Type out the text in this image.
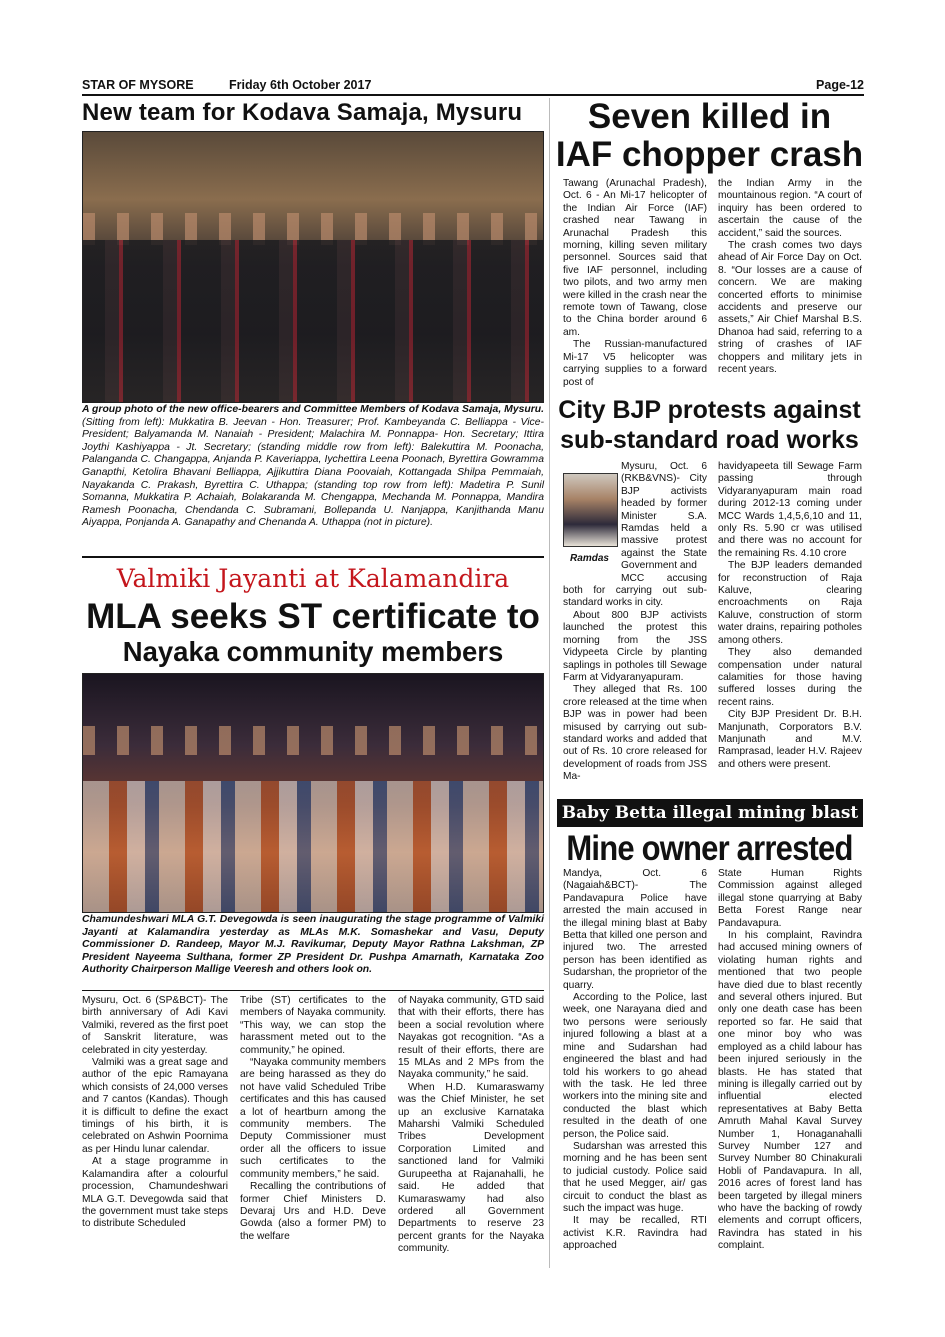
STAR OF MYSORE	Friday 6th October 2017	Page-12
New team for Kodava Samaja, Mysuru
A group photo of the new office-bearers and Committee Members of Kodava Samaja, Mysuru. (Sitting from left): Mukkatira B. Jeevan - Hon. Treasurer; Prof. Kambeyanda C. Belliappa - Vice-President; Balyamanda M. Nanaiah - President; Malachira M. Ponnappa- Hon. Secretary; Ittira Joythi Kashiyappa - Jt. Secretary; (standing middle row from left): Balekuttira M. Poonacha, Palanganda C. Changappa, Anjanda P. Kaveriappa, Iychettira Leena Poonach, Byrettira Gowramma Ganapthi, Ketolira Bhavani Belliappa, Ajjikuttira Diana Poovaiah, Kottangada Shilpa Pemmaiah, Nayakanda C. Prakash, Byrettira C. Uthappa; (standing top row from left): Madetira P. Sunil Somanna, Mukkatira P. Achaiah, Bolakaranda M. Chengappa, Mechanda M. Ponnappa, Mandira Ramesh Poonacha, Chendanda C. Subramani, Bollepanda U. Nanjappa, Kanjithanda Manu Aiyappa, Ponjanda A. Ganapathy and Chenanda A. Uthappa (not in picture).
Valmiki Jayanti at Kalamandira
MLA seeks ST certificate to
Nayaka community members
Chamundeshwari MLA G.T. Devegowda is seen inaugurating the stage programme of Valmiki Jayanti at Kalamandira yesterday as MLAs M.K. Somashekar and Vasu, Deputy Commissioner D. Randeep, Mayor M.J. Ravikumar, Deputy Mayor Rathna Lakshman, ZP President Nayeema Sulthana, former ZP President Dr. Pushpa Amarnath, Karnataka Zoo Authority Chairperson Mallige Veeresh and others look on.

Mysuru, Oct. 6 (SP&BCT)- The birth anniversary of Adi Kavi Valmiki, revered as the first poet of Sanskrit literature, was celebrated in city yesterday.

Valmiki was a great sage and author of the epic Ramayana which consists of 24,000 verses and 7 cantos (Kandas). Though it is difficult to define the exact timings of his birth, it is celebrated on Ashwin Poornima as per Hindu lunar calendar.

At a stage programme in Kalamandira after a colourful procession, Chamundeshwari MLA G.T. Devegowda said that the government must take steps to distribute Scheduled

Tribe (ST) certificates to the members of Nayaka community. “This way, we can stop the harassment meted out to the community,” he opined.

“Nayaka community members are being harassed as they do not have valid Scheduled Tribe certificates and this has caused a lot of heartburn among the community members. The Deputy Commissioner must order all the officers to issue such certificates to the community members,” he said.

Recalling the contributions of former Chief Ministers D. Devaraj Urs and H.D. Deve Gowda (also a former PM) to the welfare

of Nayaka community, GTD said that with their efforts, there has been a social revolution where Nayakas got recognition. “As a result of their efforts, there are 15 MLAs and 2 MPs from the Nayaka community,” he said.

When H.D. Kumaraswamy was the Chief Minister, he set up an exclusive Karnataka Maharshi Valmiki Scheduled Tribes Development Corporation Limited and sanctioned land for Valmiki Gurupeetha at Rajanahalli, he said. He added that Kumaraswamy had also ordered all Government Departments to reserve 23 percent grants for the Nayaka community.

Seven killed in IAF chopper crash

Tawang (Arunachal Pradesh), Oct. 6 - An Mi-17 helicopter of the Indian Air Force (IAF) crashed near Tawang in Arunachal Pradesh this morning, killing seven military personnel. Sources said that five IAF personnel, including two pilots, and two army men were killed in the crash near the remote town of Tawang, close to the China border around 6 am.

The Russian-manufactured Mi-17 V5 helicopter was carrying supplies to a forward post of

the Indian Army in the mountainous region. “A court of inquiry has been ordered to ascertain the cause of the accident,” said the sources.

The crash comes two days ahead of Air Force Day on Oct. 8. “Our losses are a cause of concern. We are making concerted efforts to minimise accidents and preserve our assets,” Air Chief Marshal B.S. Dhanoa had said, referring to a string of crashes of IAF choppers and military jets in recent years.

City BJP protests against sub-standard road works
Ramdas

Mysuru, Oct. 6 (RKB&VNS)- City BJP activists headed by former Minister S.A. Ramdas held a massive protest against the State Government and

MCC accusing both for carrying out sub-standard works in city.

About 800 BJP activists launched the protest this morning from the JSS Vidypeeta Circle by planting saplings in potholes till Sewage Farm at Vidyaranyapuram.

They alleged that Rs. 100 crore released at the time when BJP was in power had been misused by carrying out sub-standard works and added that out of Rs. 10 crore released for development of roads from JSS Ma-

havidyapeeta till Sewage Farm passing through Vidyaranyapuram main road during 2012-13 coming under MCC Wards 1,4,5,6,10 and 11, only Rs. 5.90 cr was utilised and there was no account for the remaining Rs. 4.10 crore

The BJP leaders demanded for reconstruction of Raja Kaluve, clearing encroachments on Raja Kaluve, construction of storm water drains, repairing potholes among others.

They also demanded compensation under natural calamities for those having suffered losses during the recent rains.

City BJP President Dr. B.H. Manjunath, Corporators B.V. Manjunath and M.V. Ramprasad, leader H.V. Rajeev and others were present.

Baby Betta illegal mining blast
Mine owner arrested

Mandya, Oct. 6 (Nagaiah&BCT)- The Pandavapura Police have arrested the main accused in the illegal mining blast at Baby Betta that killed one person and injured two. The arrested person has been identified as Sudarshan, the proprietor of the quarry.

According to the Police, last week, one Narayana died and two persons were seriously injured following a blast at a mine and Sudarshan had engineered the blast and had told his workers to go ahead with the task. He led three workers into the mining site and conducted the blast which resulted in the death of one person, the Police said.

Sudarshan was arrested this morning and he has been sent to judicial custody. Police said that he used Megger, air/ gas circuit to conduct the blast as such the impact was huge.

It may be recalled, RTI activist K.R. Ravindra had approached

State Human Rights Commission against alleged illegal stone quarrying at Baby Betta Forest Range near Pandavapura.

In his complaint, Ravindra had accused mining owners of violating human rights and mentioned that two people have died due to blast recently and several others injured. But only one death case has been reported so far. He said that one minor boy who was employed as a child labour has been injured seriously in the blasts. He has stated that mining is illegally carried out by influential elected representatives at Baby Betta Amruth Mahal Kaval Survey Number 1, Honaganahalli Survey Number 127 and Survey Number 80 Chinakurali Hobli of Pandavapura. In all, 2016 acres of forest land has been targeted by illegal miners who have the backing of rowdy elements and corrupt officers, Ravindra has stated in his complaint.
